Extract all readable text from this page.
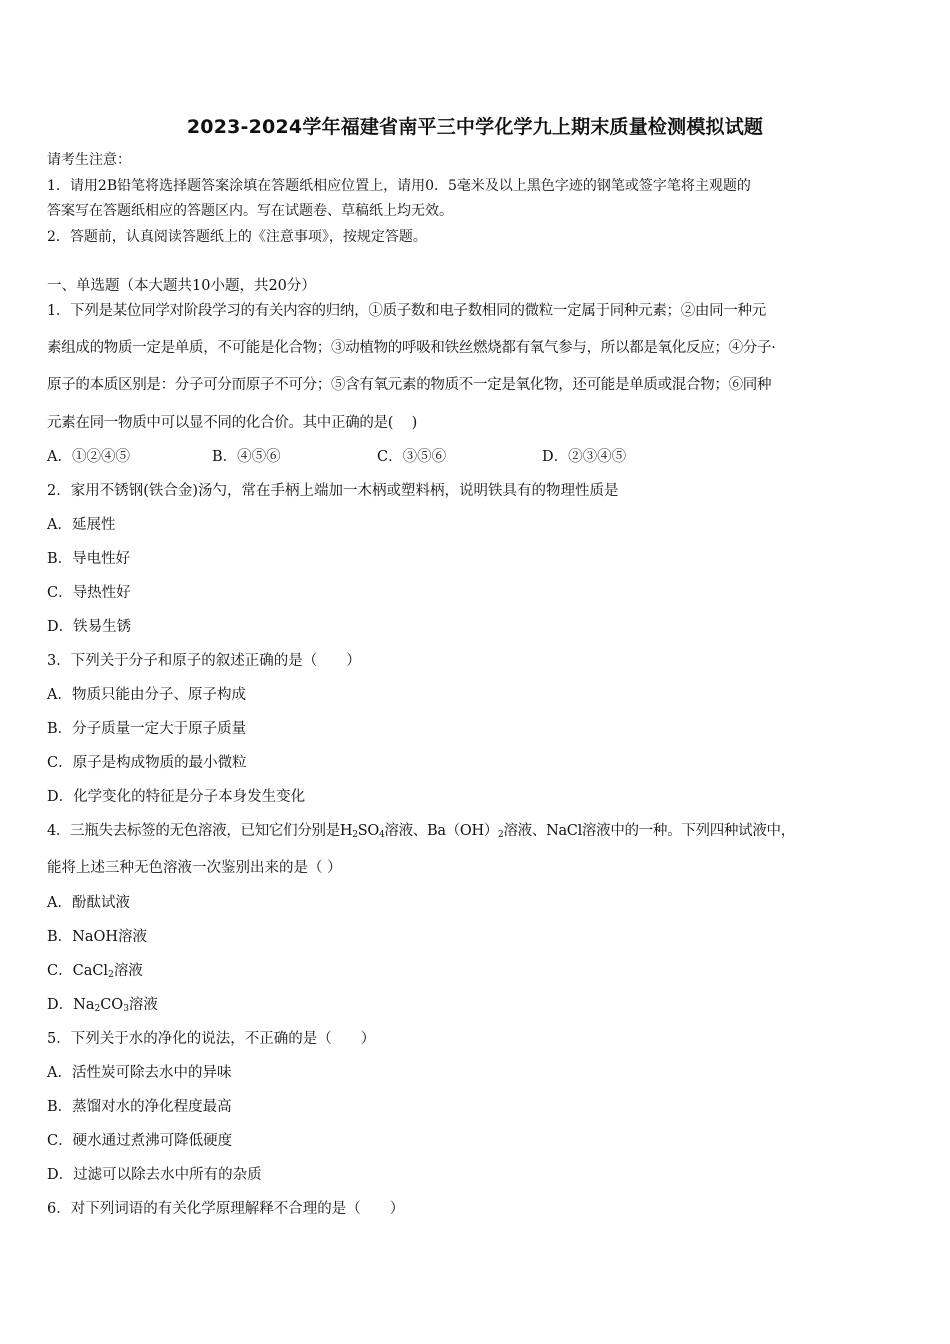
2023-2024学年福建省南平三中学化学九上期末质量检测模拟试题
请考生注意：
1．请用2B铅笔将选择题答案涂填在答题纸相应位置上，请用0．5毫米及以上黑色字迹的钢笔或签字笔将主观题的
答案写在答题纸相应的答题区内。写在试题卷、草稿纸上均无效。
2．答题前，认真阅读答题纸上的《注意事项》，按规定答题。
一、单选题（本大题共10小题，共20分）
1．下列是某位同学对阶段学习的有关内容的归纳，①质子数和电子数相同的微粒一定属于同种元素；②由同一种元
素组成的物质一定是单质，不可能是化合物；③动植物的呼吸和铁丝燃烧都有氧气参与，所以都是氧化反应；④分子·
原子的本质区别是：分子可分而原子不可分；⑤含有氧元素的物质不一定是氧化物，还可能是单质或混合物；⑥同种
元素在同一物质中可以显不同的化合价。其中正确的是(　 )
A．①②④⑤	B．④⑤⑥	C．③⑤⑥	D．②③④⑤
2．家用不锈钢(铁合金)汤勺，常在手柄上端加一木柄或塑料柄，说明铁具有的物理性质是
A．延展性
B．导电性好
C．导热性好
D．铁易生锈
3．下列关于分子和原子的叙述正确的是（　　）
A．物质只能由分子、原子构成
B．分子质量一定大于原子质量
C．原子是构成物质的最小微粒
D．化学变化的特征是分子本身发生变化
4．三瓶失去标签的无色溶液，已知它们分别是$H_2SO_4$溶液、$Ba(OH)_2$溶液、NaCl溶液中的一种。下列四种试液中，
能将上述三种无色溶液一次鉴别出来的是（ ）
A．酚酞试液
B．NaOH溶液
C．CaCl$_2$溶液
D．$Na_2CO_3$溶液
5．下列关于水的净化的说法，不正确的是（　　）
A．活性炭可除去水中的异味
B．蒸馏对水的净化程度最高
C．硬水通过煮沸可降低硬度
D．过滤可以除去水中所有的杂质
6．对下列词语的有关化学原理解释不合理的是（　　）
